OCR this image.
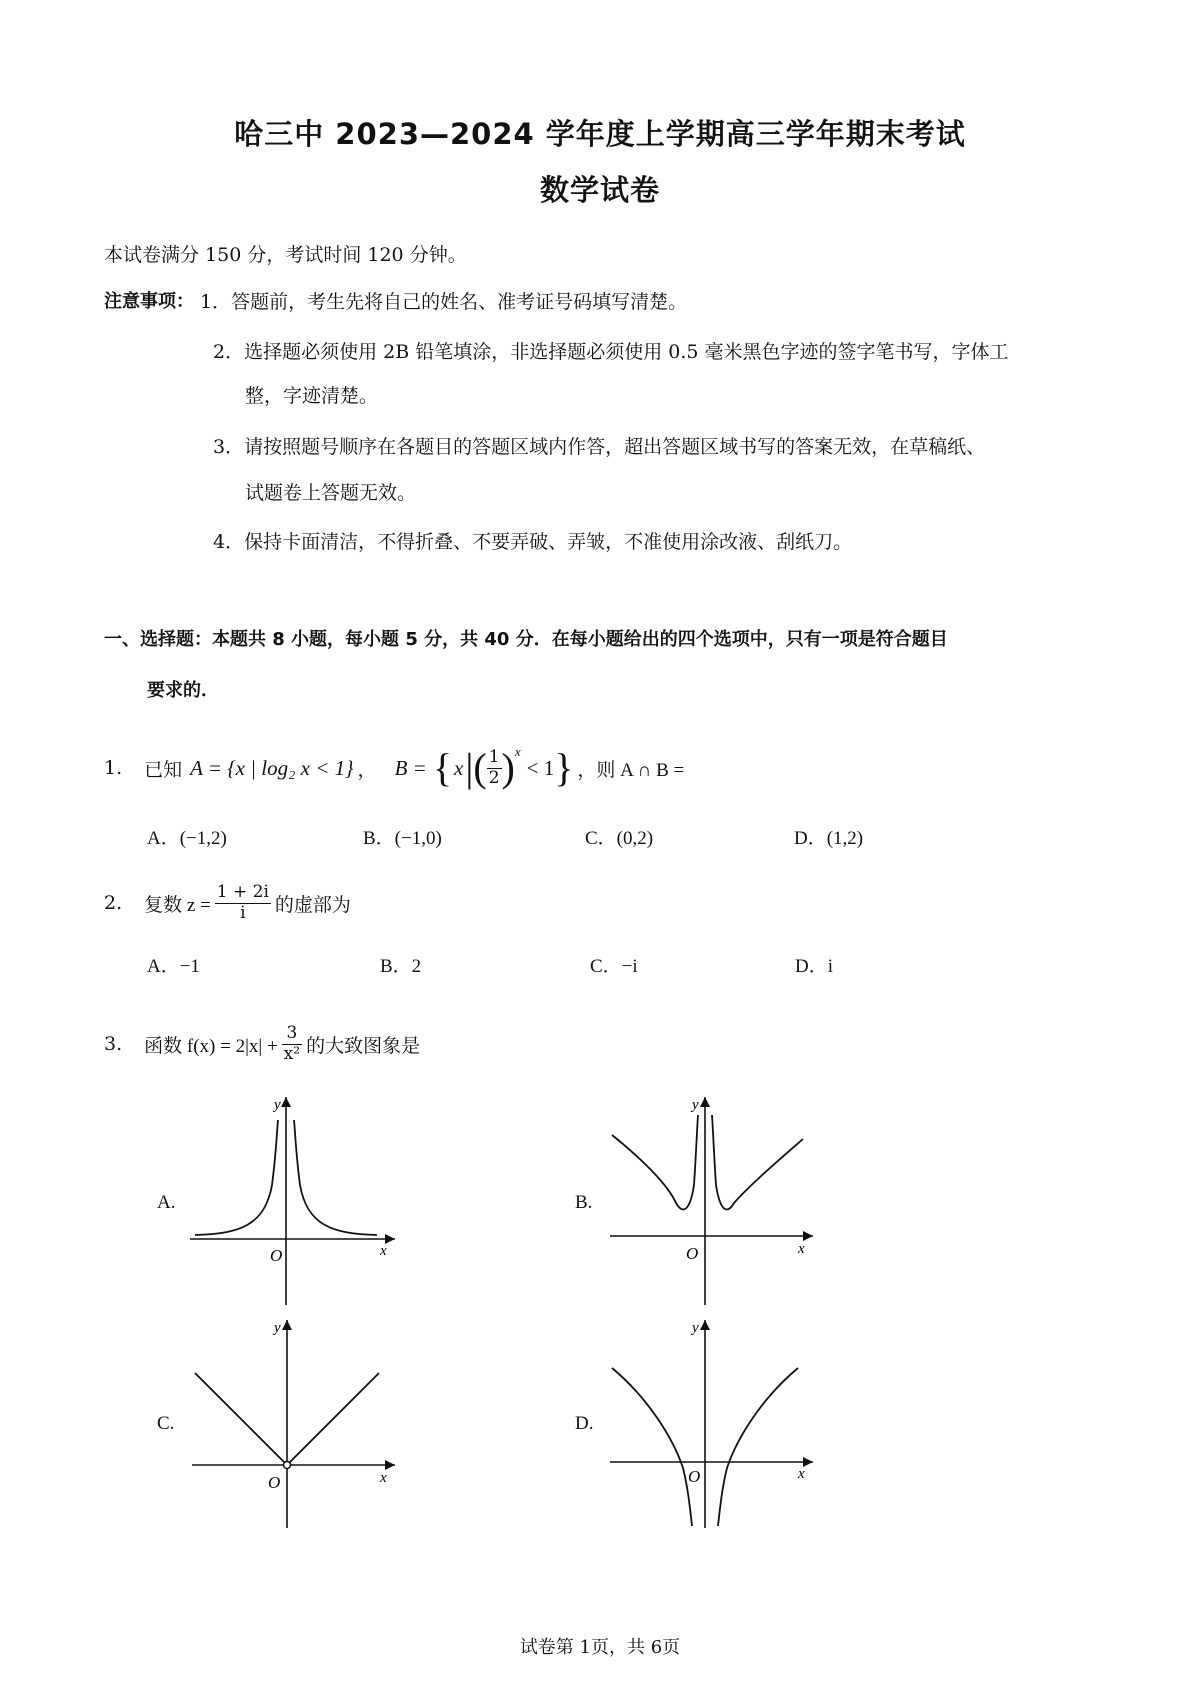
哈三中 2023—2024 学年度上学期高三学年期末考试
数学试卷
本试卷满分 150 分，考试时间 120 分钟。
注意事项： 1．答题前，考生先将自己的姓名、准考证号码填写清楚。
2．选择题必须使用 2B 铅笔填涂，非选择题必须使用 0.5 毫米黑色字迹的签字笔书写，字体工
整，字迹清楚。
3．请按照题号顺序在各题目的答题区域内作答，超出答题区域书写的答案无效，在草稿纸、
试题卷上答题无效。
4．保持卡面清洁，不得折叠、不要弄破、弄皱，不准使用涂改液、刮纸刀。
一、选择题：本题共 8 小题，每小题 5 分，共 40 分．在每小题给出的四个选项中，只有一项是符合题目
要求的．
1. 已知 A = {x | log₂ x < 1} ， B = { x | ( $\frac{1}{2}$ ) x
< 1 } ，则 A ∩ B =
A．(−1,2)	B．(−1,0)	C．(0,2)	D．(1,2)
2. 复数 $z = \frac{1 + 2i}{i}$ 的虚部为
A．−1	B．2	C．−i	D．i
3. 函数 $f(x) = 2|x| + \frac{3}{\text{x²}}$ 的大致图象是
A.	B.
C.	D.
O	x
y
O	x
y
O	x
y
O	x
y
试卷第 1页，共 6页
